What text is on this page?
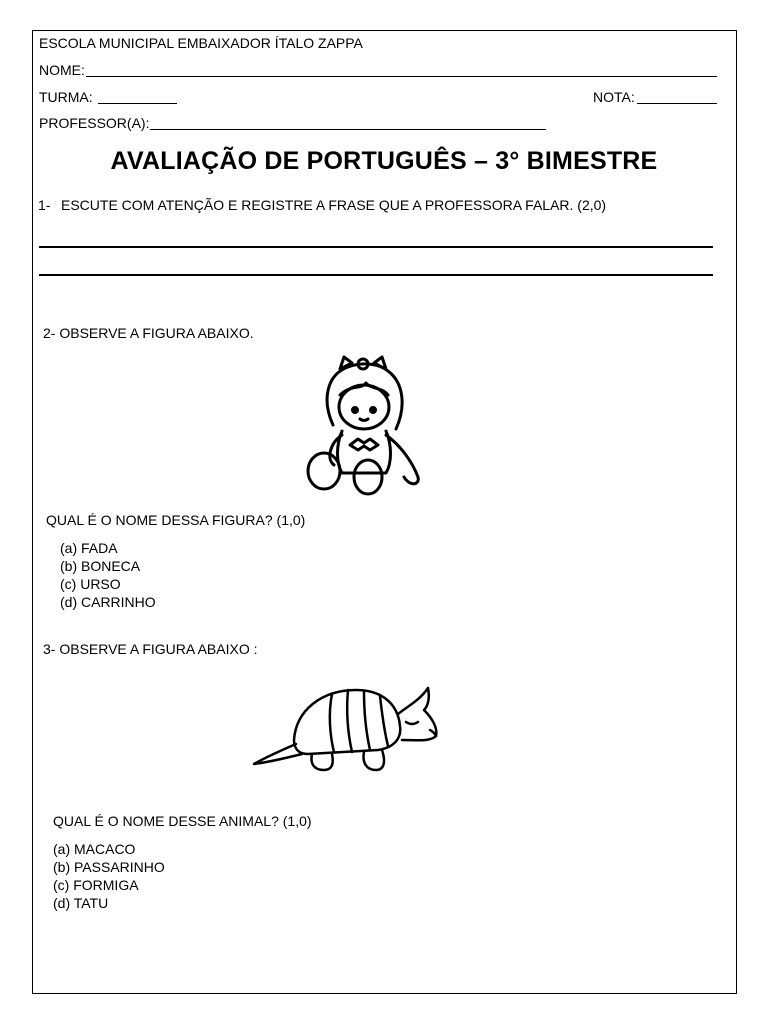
ESCOLA MUNICIPAL EMBAIXADOR ÍTALO ZAPPA
NOME:
TURMA:	NOTA:
PROFESSOR(A):
AVALIAÇÃO DE PORTUGUÊS – 3° BIMESTRE
1- ESCUTE COM ATENÇÃO E REGISTRE A FRASE QUE A PROFESSORA FALAR. (2,0)
2- OBSERVE A FIGURA ABAIXO.
QUAL É O NOME DESSA FIGURA? (1,0)
(a) FADA
(b) BONECA
(c) URSO
(d) CARRINHO
3- OBSERVE A FIGURA ABAIXO :
QUAL É O NOME DESSE ANIMAL? (1,0)
(a) MACACO
(b) PASSARINHO
(c) FORMIGA
(d) TATU
